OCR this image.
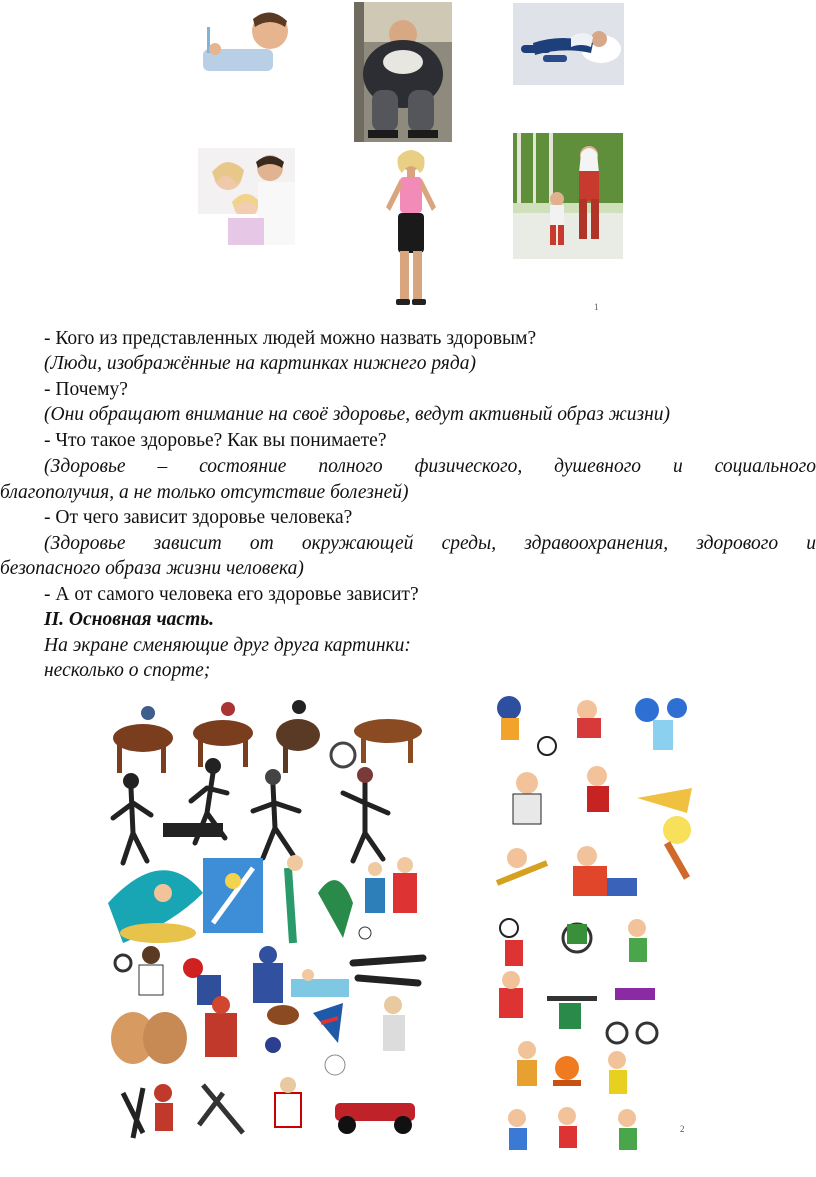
1
- Кого из представленных людей можно назвать здоровым?
(Люди, изображённые на картинках нижнего ряда)
- Почему?
(Они обращают внимание на своё здоровье, ведут активный образ жизни)
- Что такое здоровье? Как вы понимаете?
(Здоровье – состояние полного физического, душевного и социального
благополучия, а не только отсутствие болезней)
- От чего зависит здоровье человека?
(Здоровье зависит от окружающей среды, здравоохранения, здорового и
безопасного образа жизни человека)
- А от самого человека его здоровье зависит?
II. Основная часть.
На экране сменяющие друг друга картинки:
несколько о спорте;
2
